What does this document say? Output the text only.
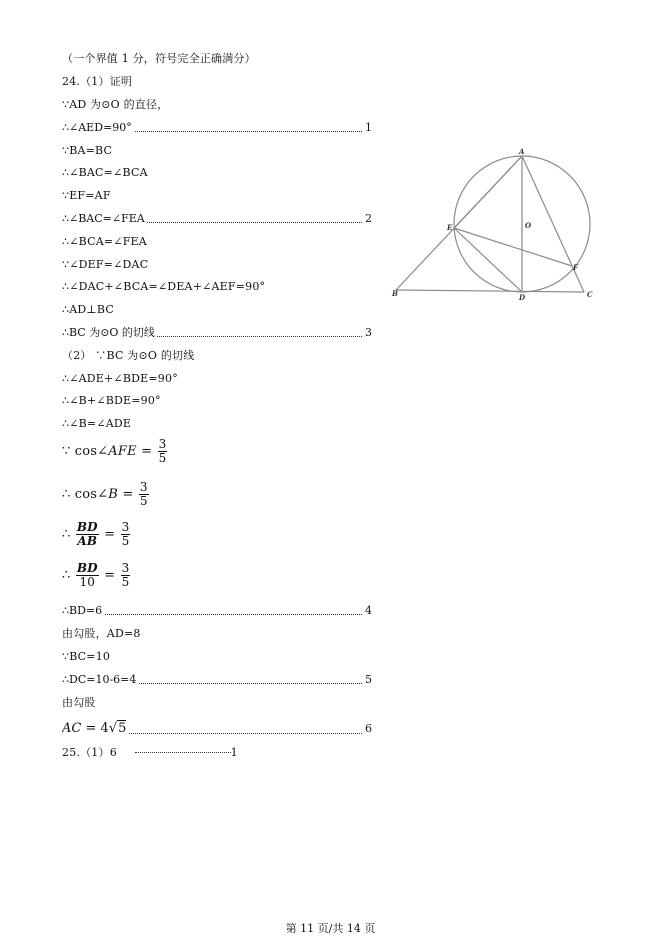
（一个界值 1 分，符号完全正确满分）
24.（1）证明
∵AD 为⊙O 的直径，
∴∠AED=90°	1
∵BA=BC
∴∠BAC=∠BCA
∵EF=AF
∴∠BAC=∠FEA	2
∴∠BCA=∠FEA
∵∠DEF=∠DAC
∴∠DAC+∠BCA=∠DEA+∠AEF=90°
∴AD⊥BC
∴BC 为⊙O 的切线	3
（2） ∵BC 为⊙O 的切线
∴∠ADE+∠BDE=90°
∴∠B+∠BDE=90°
∴∠B=∠ADE
∵ cos∠AFE = $\frac{3}{5}$
∴ cos∠B = $\frac{3}{5}$
∴ $\frac{BD}{AB} = \frac{3}{5}$
∴ $\frac{BD}{10} = \frac{3}{5}$
∴BD=6	4
由勾股，AD=8
∵BC=10
∴DC=10-6=4	5
由勾股
AC = 4√5	6
25.（1）6	1
A
B	C
D
E
F
O
第 11 页/共 14 页
